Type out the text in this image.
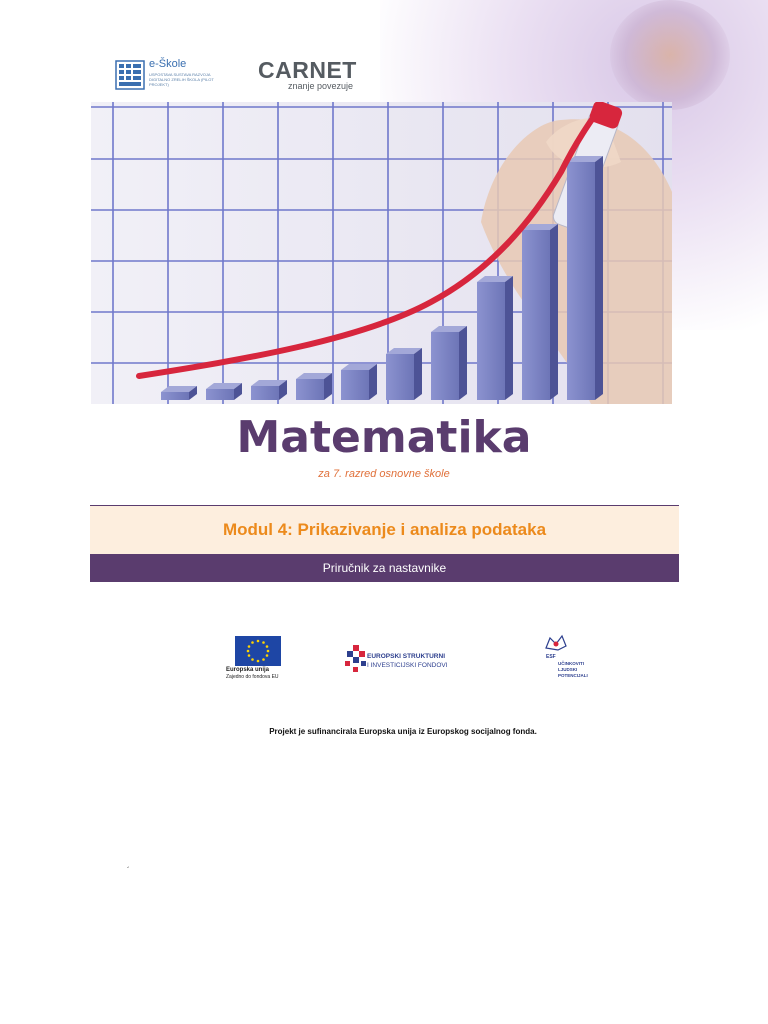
e-Škole
USPOSTAVA SUSTAVA RAZVOJA DIGITALNO ZRELIH ŠKOLA (PILOT PROJEKT)
CARNET
znanje povezuje
Matematika
za 7. razred osnovne škole
Modul 4: Prikazivanje i analiza podataka
Priručnik za nastavnike
Europska unija
Zajedno do fondova EU
EUROPSKI STRUKTURNI
I INVESTICIJSKI FONDOVI
ESF
UČINKOVITI
LJUDSKI
POTENCIJALI
Projekt je sufinancirala Europska unija iz Europskog socijalnog fonda.
´
